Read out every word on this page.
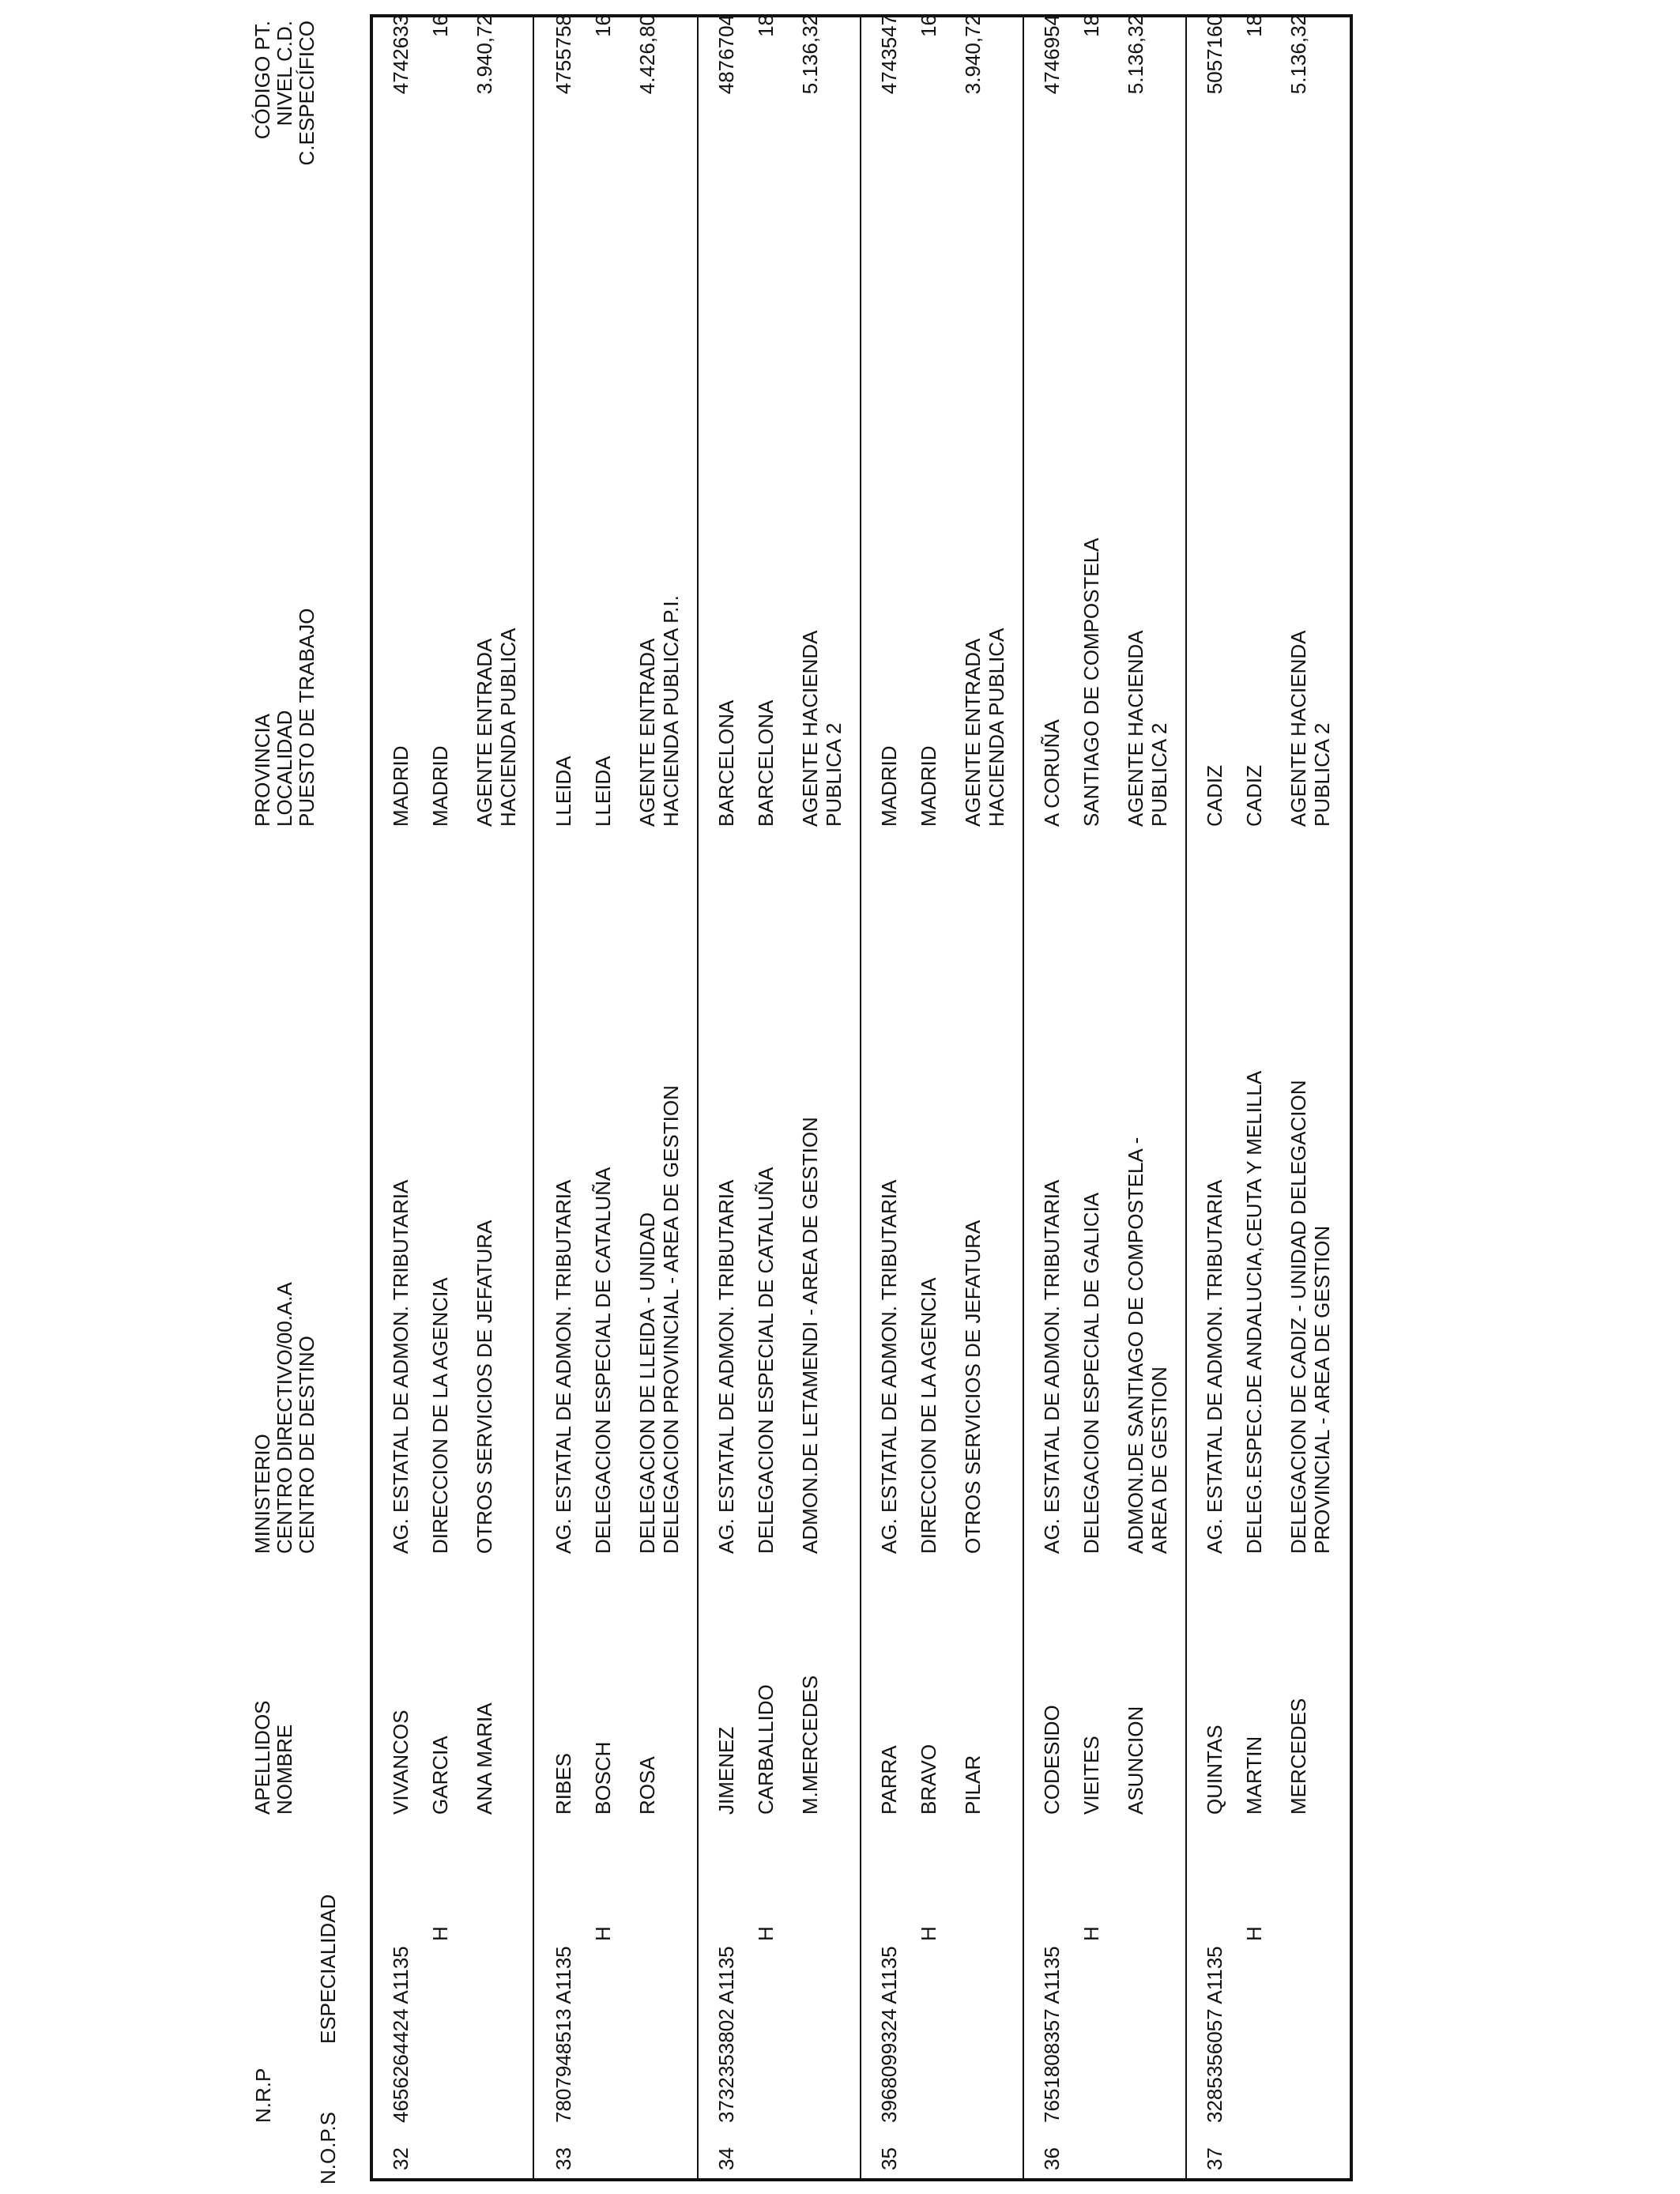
N.O.P.S
N.R.P
ESPECIALIDAD
APELLIDOS
NOMBRE
MINISTERIO
CENTRO DIRECTIVO/00.A.A
CENTRO DE DESTINO
PROVINCIA
LOCALIDAD
PUESTO DE TRABAJO
CÓDIGO PT.
NIVEL C.D.
C.ESPECÍFICO
32
4656264424 A1135
H
VIVANCOS GARCIA ANA MARIA
AG. ESTATAL DE ADMON. TRIBUTARIA DIRECCION DE LA AGENCIA OTROS SERVICIOS DE JEFATURA
MADRID MADRID AGENTE ENTRADA HACIENDA PUBLICA
4742633 16 3.940,72
33
7807948513 A1135
H
RIBES BOSCH ROSA
AG. ESTATAL DE ADMON. TRIBUTARIA DELEGACION ESPECIAL DE CATALUÑA DELEGACION DE LLEIDA - UNIDAD DELEGACION PROVINCIAL - AREA DE GESTION
LLEIDA LLEIDA AGENTE ENTRADA HACIENDA PUBLICA P.I.
4755758 16 4.426,80
34
3732353802 A1135
H
JIMENEZ CARBALLIDO M.MERCEDES
AG. ESTATAL DE ADMON. TRIBUTARIA DELEGACION ESPECIAL DE CATALUÑA ADMON.DE LETAMENDI - AREA DE GESTION
BARCELONA BARCELONA AGENTE HACIENDA PUBLICA 2
4876704 18 5.136,32
35
3968099324 A1135
H
PARRA BRAVO PILAR
AG. ESTATAL DE ADMON. TRIBUTARIA DIRECCION DE LA AGENCIA OTROS SERVICIOS DE JEFATURA
MADRID MADRID AGENTE ENTRADA HACIENDA PUBLICA
4743547 16 3.940,72
36
7651808357 A1135
H
CODESIDO VIEITES ASUNCION
AG. ESTATAL DE ADMON. TRIBUTARIA DELEGACION ESPECIAL DE GALICIA ADMON.DE SANTIAGO DE COMPOSTELA - AREA DE GESTION
A CORUÑA SANTIAGO DE COMPOSTELA AGENTE HACIENDA PUBLICA 2
4746954 18 5.136,32
37
3285356057 A1135
H
QUINTAS MARTIN MERCEDES
AG. ESTATAL DE ADMON. TRIBUTARIA DELEG.ESPEC.DE ANDALUCIA,CEUTA Y MELILLA DELEGACION DE CADIZ - UNIDAD DELEGACION PROVINCIAL - AREA DE GESTION
CADIZ CADIZ AGENTE HACIENDA PUBLICA 2
5057160 18 5.136,32
